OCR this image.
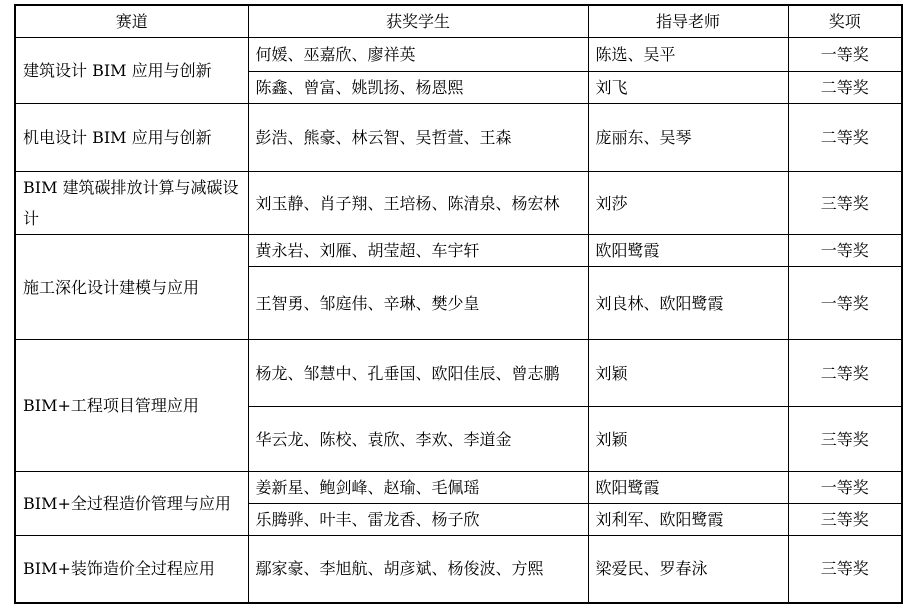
赛道	获奖学生	指导老师	奖项
建筑设计 BIM 应用与创新	何媛、巫嘉欣、廖祥英	陈选、吴平	一等奖
	陈鑫、曾富、姚凯扬、杨恩熙	刘飞	二等奖
机电设计 BIM 应用与创新	彭浩、熊豪、林云智、吴哲萱、王森	庞丽东、吴琴	二等奖
BIM 建筑碳排放计算与减碳设计	刘玉静、肖子翔、王培杨、陈清泉、杨宏林	刘莎	三等奖
施工深化设计建模与应用	黄永岩、刘雁、胡莹超、车宇轩	欧阳鹭霞	一等奖
	王智勇、邹庭伟、辛琳、樊少皇	刘良林、欧阳鹭霞	一等奖
BIM+工程项目管理应用	杨龙、邹慧中、孔垂国、欧阳佳辰、曾志鹏	刘颖	二等奖
	华云龙、陈校、袁欣、李欢、李道金	刘颖	三等奖
BIM+全过程造价管理与应用	姜新星、鲍剑峰、赵瑜、毛佩瑶	欧阳鹭霞	一等奖
	乐腾骅、叶丰、雷龙香、杨子欣	刘利军、欧阳鹭霞	三等奖
BIM+装饰造价全过程应用	鄢家豪、李旭航、胡彦斌、杨俊波、方熙	梁爱民、罗春泳	三等奖
